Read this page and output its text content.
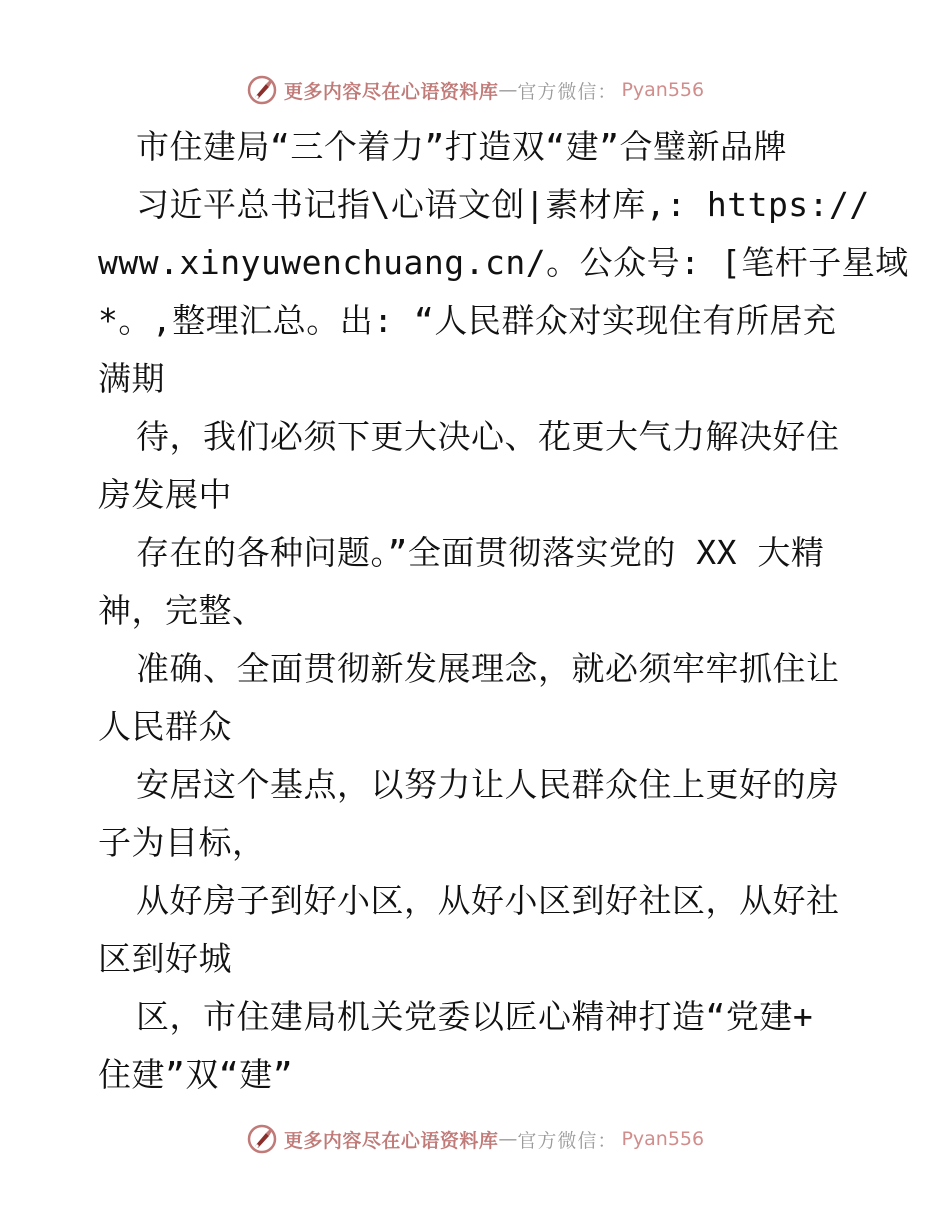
更多内容尽在心语资料库 — 官方微信： Pyan556
市住建局“三个着力”打造双“建”合璧新品牌
习近平总书记指\心语文创|素材库,: https://
www.xinyuwenchuang.cn/。公众号: [笔杆子星域
*。,整理汇总。出: “人民群众对实现住有所居充
满期
待，我们必须下更大决心、花更大气力解决好住
房发展中
存在的各种问题。”全面贯彻落实党的 XX 大精
神，完整、
准确、全面贯彻新发展理念，就必须牢牢抓住让
人民群众
安居这个基点，以努力让人民群众住上更好的房
子为目标，
从好房子到好小区，从好小区到好社区，从好社
区到好城
区，市住建局机关党委以匠心精神打造“党建+
住建”双“建”
更多内容尽在心语资料库 — 官方微信： Pyan556
